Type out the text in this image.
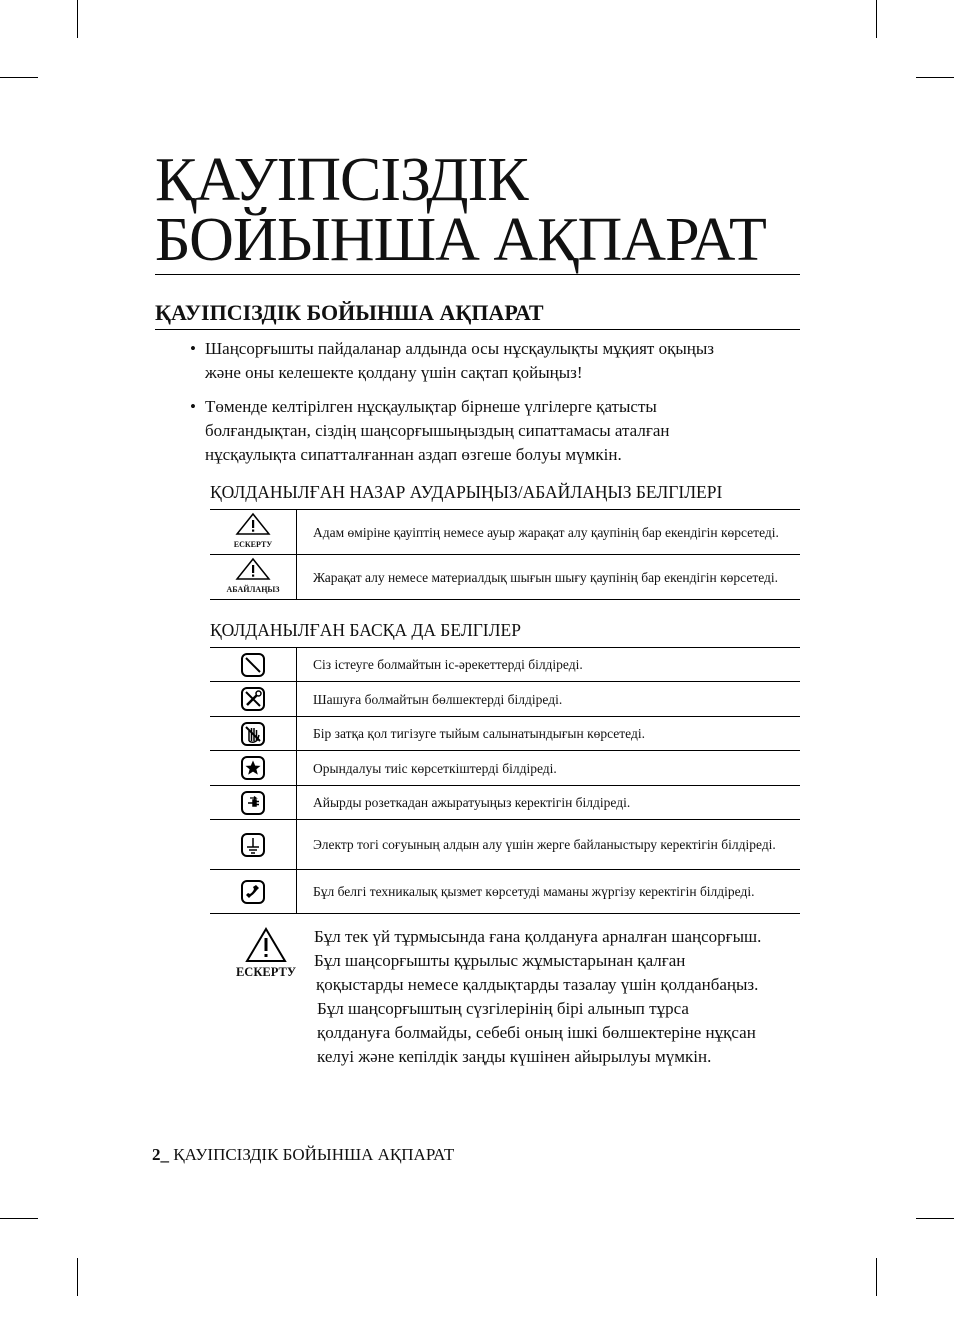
ҚАУІПСІЗДІК
БОЙЫНША АҚПАРАТ
ҚАУІПСІЗДІК БОЙЫНША АҚПАРАТ
• Шаңсорғышты пайдаланар алдында осы нұсқаулықты мұқият оқыңыз
және оны келешекте қолдану үшін сақтап қойыңыз!
• Төменде келтірілген нұсқаулықтар бірнеше үлгілерге қатысты
болғандықтан, сіздің шаңсорғышыңыздың сипаттамасы аталған
нұсқаулықта сипатталғаннан аздап өзгеше болуы мүмкін.
ҚОЛДАНЫЛҒАН НАЗАР АУДАРЫҢЫЗ/АБАЙЛАҢЫЗ БЕЛГІЛЕРІ
ЕСКЕРТУ	Адам өміріне қауіптің немесе ауыр жарақат алу қаупінің бар екендігін көрсетеді.

АБАЙЛАҢЫЗ	Жарақат алу немесе материалдық шығын шығу қаупінің бар екендігін көрсетеді.
ҚОЛДАНЫЛҒАН БАСҚА ДА БЕЛГІЛЕР
	Сіз істеуге болмайтын іс-әрекеттерді білдіреді.

	Шашуға болмайтын бөлшектерді білдіреді.

	Бір затқа қол тигізуге тыйым салынатындығын көрсетеді.

	Орындалуы тиіс көрсеткіштерді білдіреді.

	Айырды розеткадан ажыратуыңыз керектігін білдіреді.

	Электр тогі соғуының алдын алу үшін жерге байланыстыру керектігін білдіреді.

	Бұл белгі техникалық қызмет көрсетуді маманы жүргізу керектігін білдіреді.
ЕСКЕРТУ
Бұл тек үй тұрмысында ғана қолдануға арналған шаңсорғыш.
Бұл шаңсорғышты құрылыс жұмыстарынан қалған
қоқыстарды немесе қалдықтарды тазалау үшін қолданбаңыз.
Бұл шаңсорғыштың сүзгілерінің бірі алынып тұрса
қолдануға болмайды, себебі оның ішкі бөлшектеріне нұқсан
келуі және кепілдік заңды күшінен айырылуы мүмкін.
2_ ҚАУІПСІЗДІК БОЙЫНША АҚПАРАТ
